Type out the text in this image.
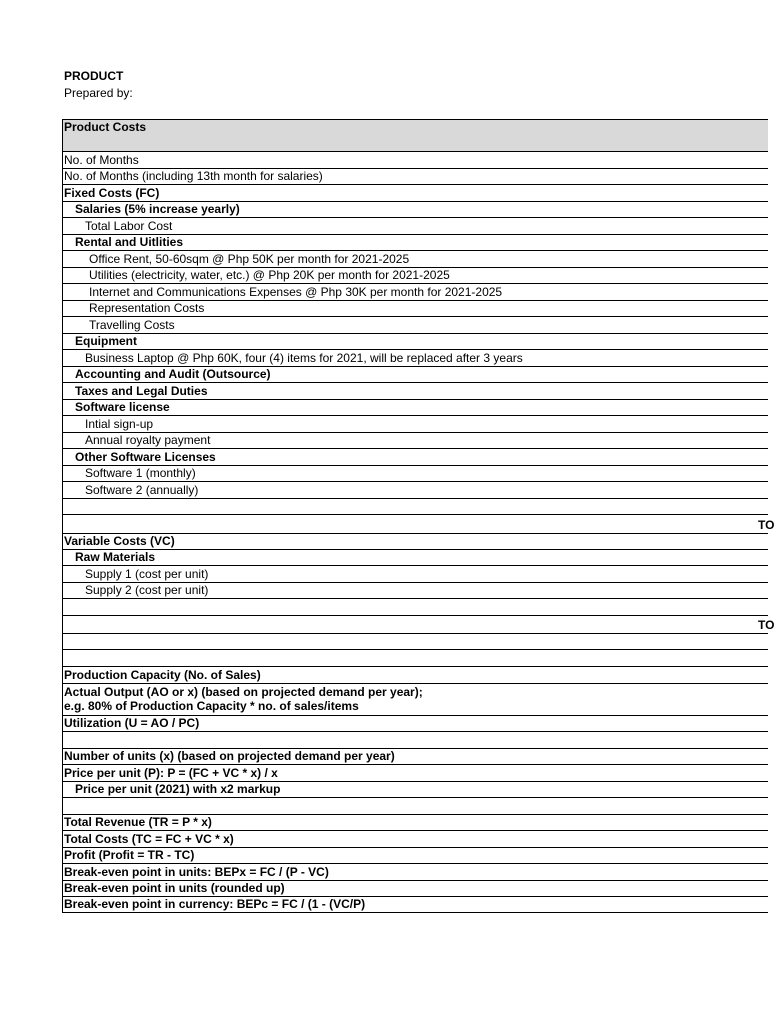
PRODUCT
Prepared by:
Product Costs
No. of Months
No. of Months (including 13th month for salaries)
Fixed Costs (FC)
Salaries (5% increase yearly)
Total Labor Cost
Rental and Uitlities
Office Rent, 50-60sqm @ Php 50K per month for 2021-2025
Utilities (electricity, water, etc.) @ Php 20K per month for 2021-2025
Internet and Communications Expenses @ Php 30K per month for 2021-2025
Representation Costs
Travelling Costs
Equipment
Business Laptop @ Php 60K, four (4) items for 2021, will be replaced after 3 years
Accounting and Audit (Outsource)
Taxes and Legal Duties
Software license
Intial sign-up
Annual royalty payment
Other Software Licenses
Software 1 (monthly)
Software 2 (annually)
TO
Variable Costs (VC)
Raw Materials
Supply 1 (cost per unit)
Supply 2 (cost per unit)
TO
Production Capacity (No. of Sales)
Actual Output (AO or x) (based on projected demand per year);
e.g. 80% of Production Capacity * no. of sales/items
Utilization (U = AO / PC)
Number of units (x) (based on projected demand per year)
Price per unit (P): P = (FC + VC * x) / x
Price per unit (2021) with x2 markup
Total Revenue (TR = P * x)
Total Costs (TC = FC + VC * x)
Profit (Profit = TR - TC)
Break-even point in units: BEPx = FC / (P - VC)
Break-even point in units (rounded up)
Break-even point in currency: BEPc = FC / (1 - (VC/P)
